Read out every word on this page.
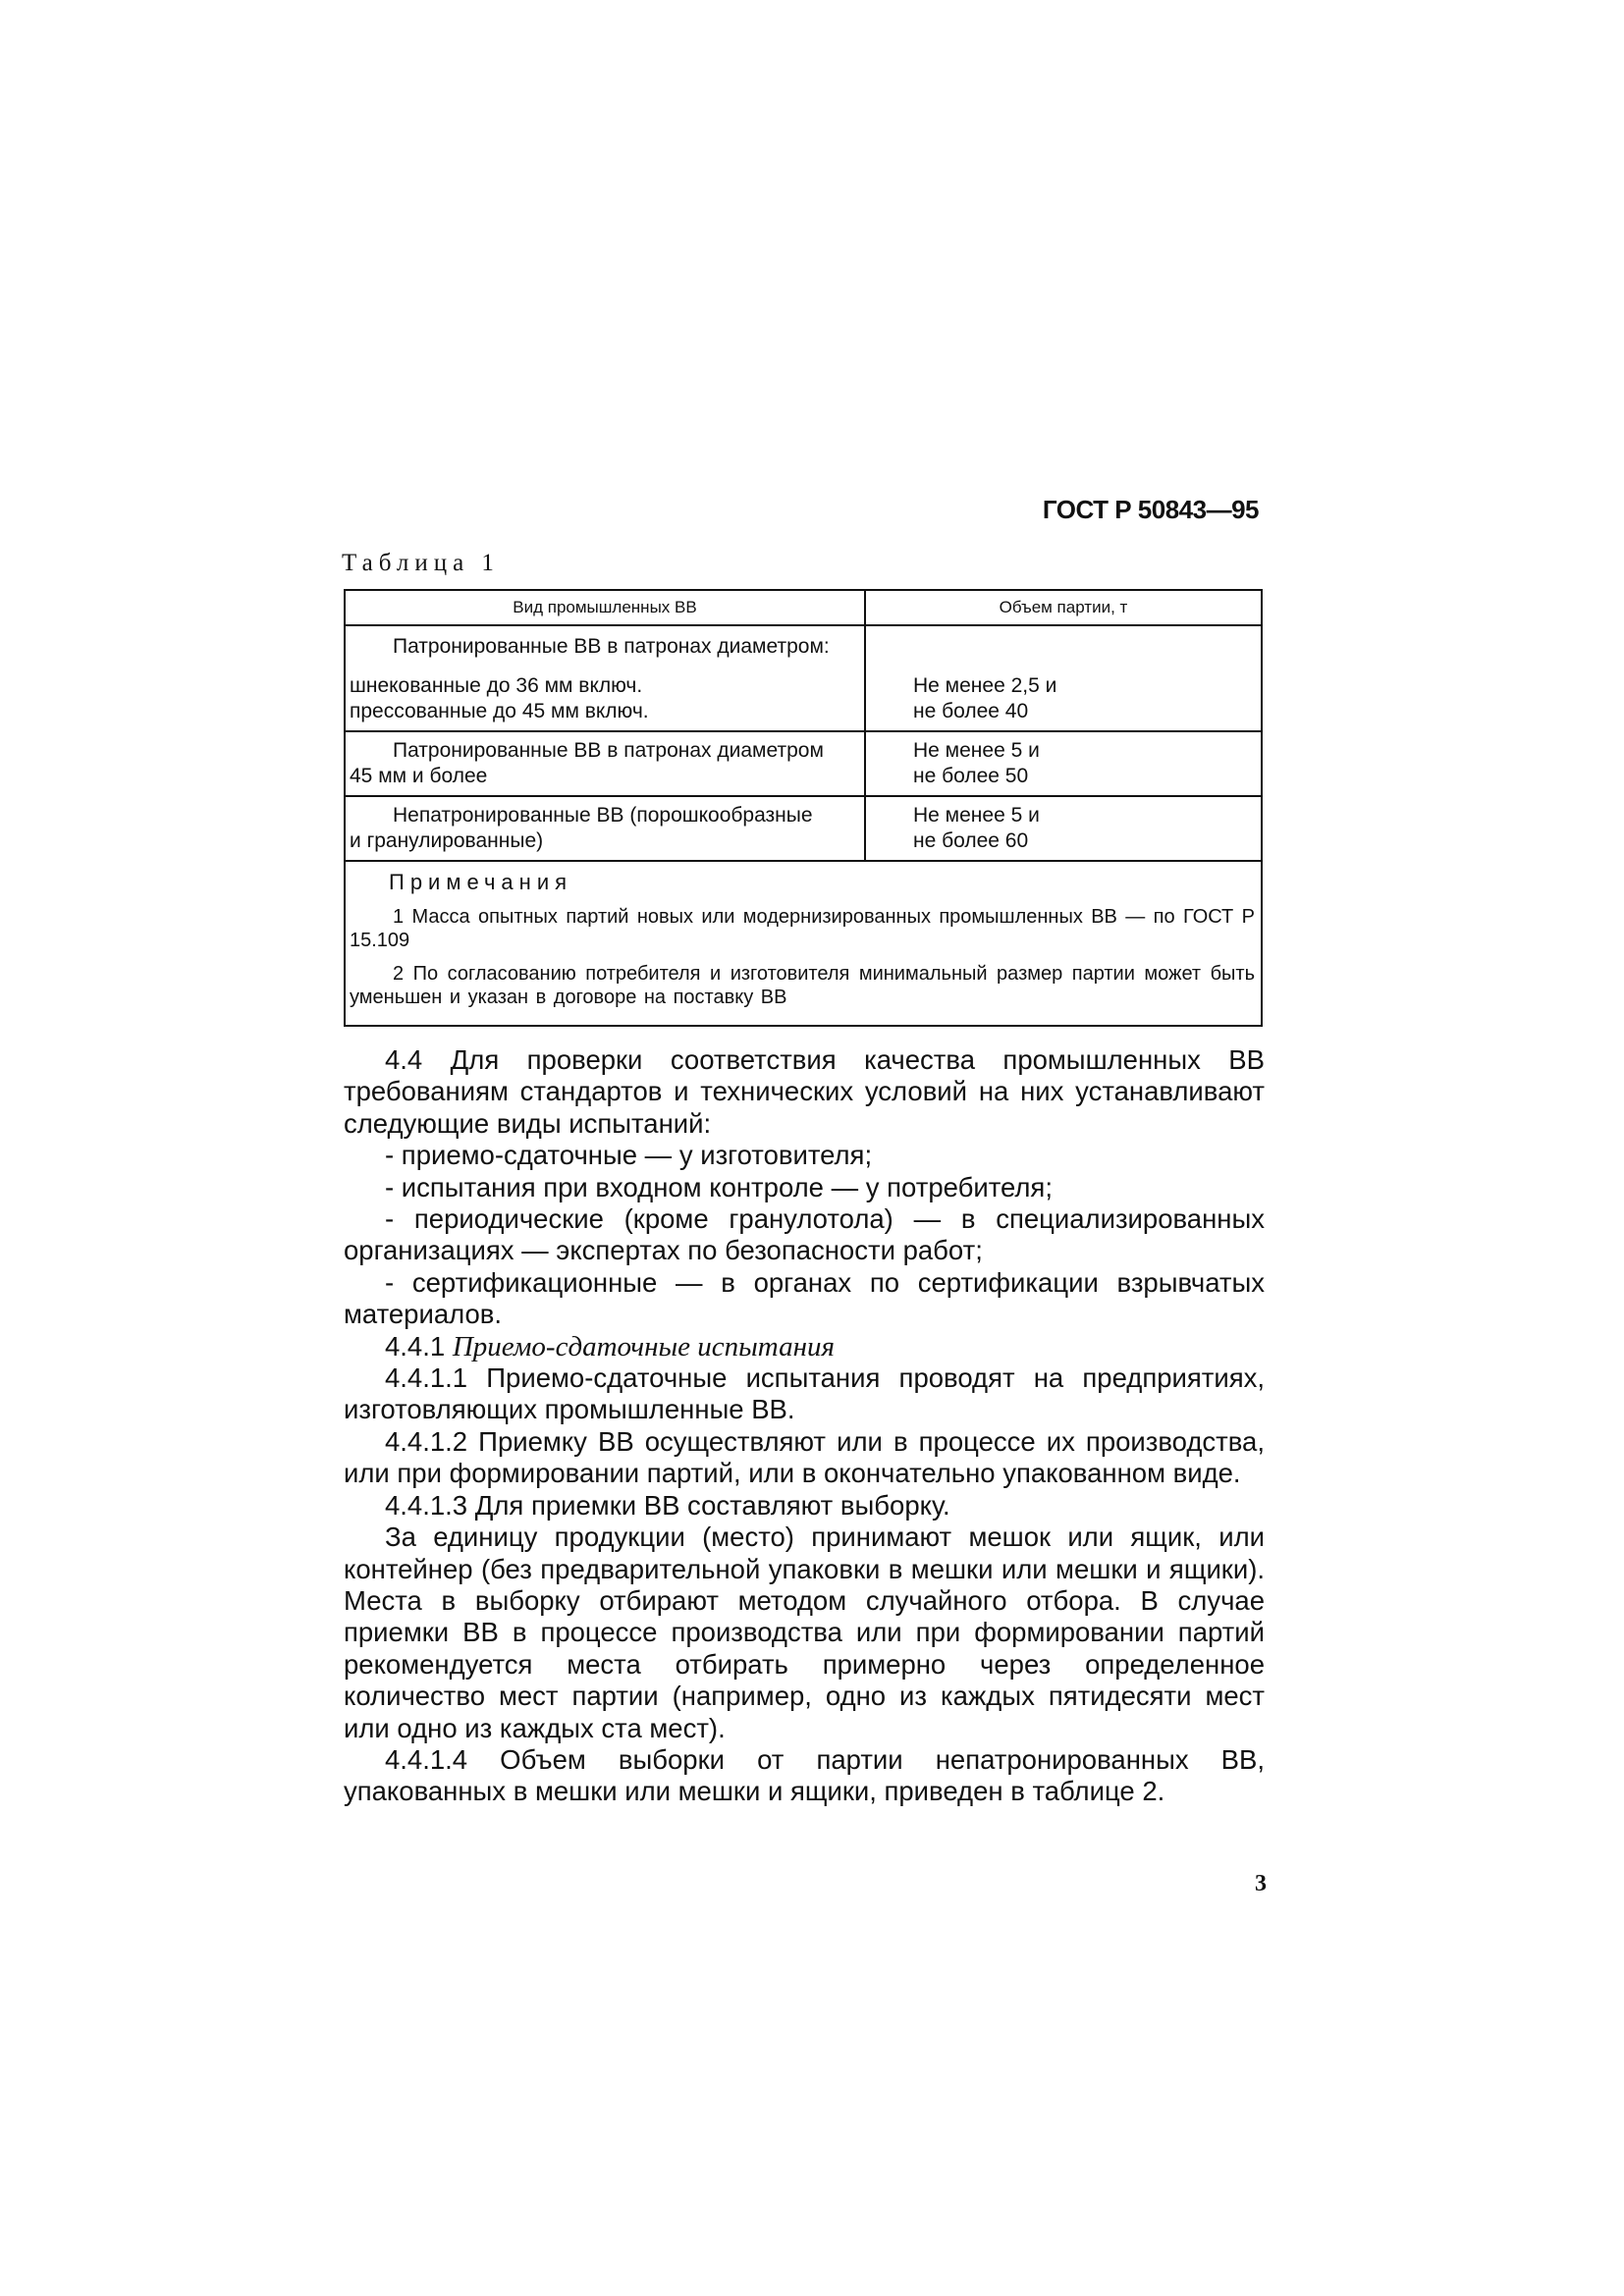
ГОСТ Р 50843—95
Таблица 1
Вид промышленных ВВ	Объем партии, т
Патронированные ВВ в патронах диаметром:
шнекованные до 36 мм включ.
прессованные до 45 мм включ.
Не менее 2,5 и
не более 40
Патронированные ВВ в патронах диаметром
45 мм и более
Не менее 5 и
не более 50
Непатронированные ВВ (порошкообразные
и гранулированные)
Не менее 5 и
не более 60
Примечания
1 Масса опытных партий новых или модернизированных промышленных ВВ — по ГОСТ Р 15.109
2 По согласованию потребителя и изготовителя минимальный размер партии может быть уменьшен и указан в договоре на поставку ВВ

4.4 Для проверки соответствия качества промышленных ВВ требованиям стандартов и технических условий на них устанавливают следующие виды испытаний:

- приемо-сдаточные — у изготовителя;

- испытания при входном контроле — у потребителя;

- периодические (кроме гранулотола) — в специализированных организациях — экспертах по безопасности работ;

- сертификационные — в органах по сертификации взрывчатых материалов.

4.4.1 Приемо-сдаточные испытания

4.4.1.1 Приемо-сдаточные испытания проводят на предприятиях, изготовляющих промышленные ВВ.

4.4.1.2 Приемку ВВ осуществляют или в процессе их производства, или при формировании партий, или в окончательно упакованном виде.

4.4.1.3 Для приемки ВВ составляют выборку.

За единицу продукции (место) принимают мешок или ящик, или контейнер (без предварительной упаковки в мешки или мешки и ящики). Места в выборку отбирают методом случайного отбора. В случае приемки ВВ в процессе производства или при формировании партий рекомендуется места отбирать примерно через определенное количество мест партии (например, одно из каждых пятидесяти мест или одно из каждых ста мест).

4.4.1.4 Объем выборки от партии непатронированных ВВ, упакованных в мешки или мешки и ящики, приведен в таблице 2.

3
